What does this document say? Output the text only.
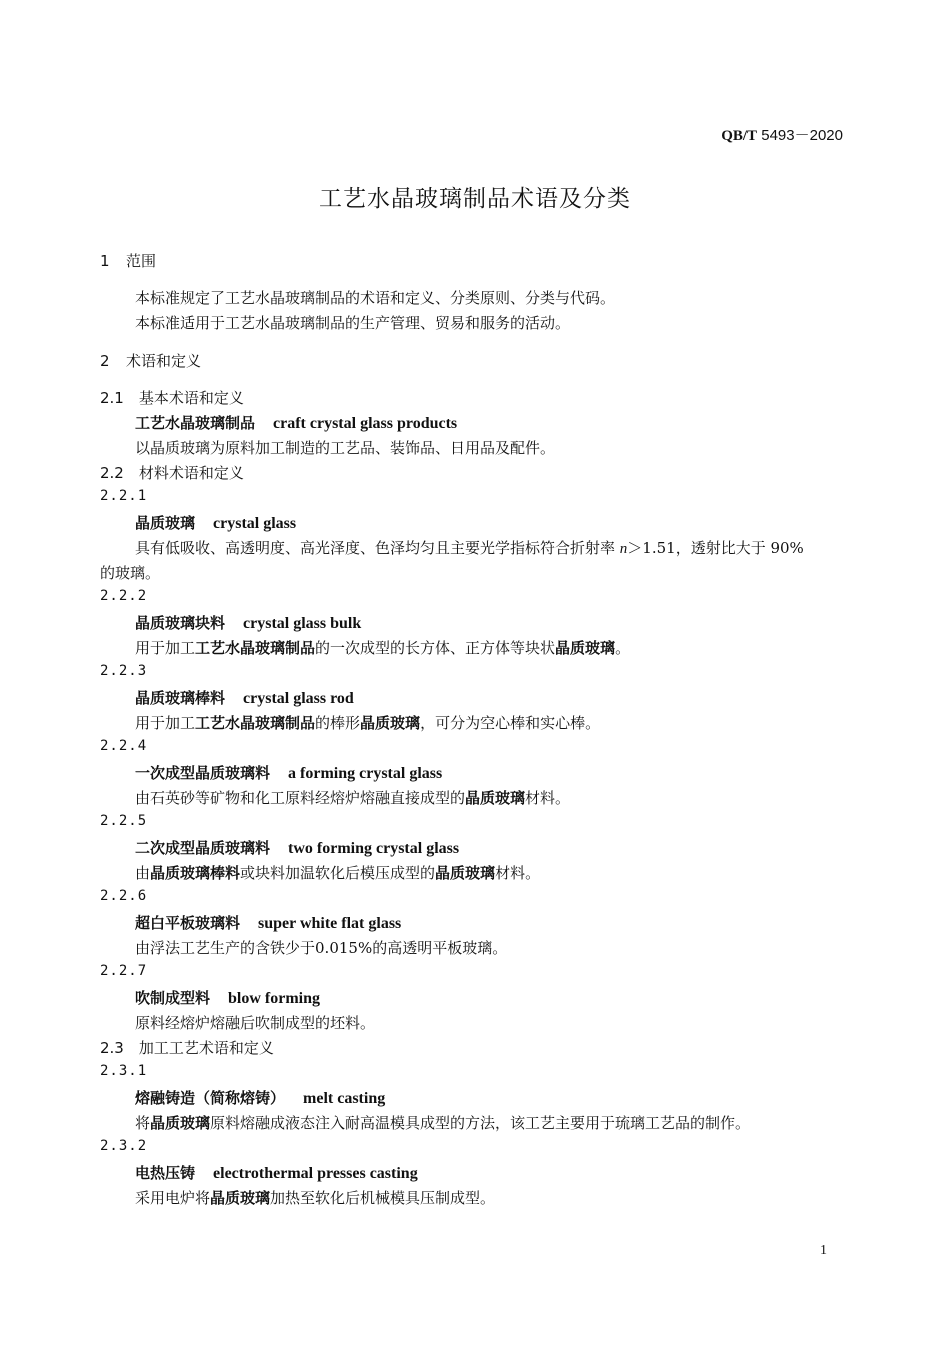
QB/T 5493－2020
工艺水晶玻璃制品术语及分类
1 范围
本标准规定了工艺水晶玻璃制品的术语和定义、分类原则、分类与代码。
本标准适用于工艺水晶玻璃制品的生产管理、贸易和服务的活动。
2 术语和定义
2.1　基本术语和定义
工艺水晶玻璃制品 craft crystal glass products
以晶质玻璃为原料加工制造的工艺品、装饰品、日用品及配件。
2.2　材料术语和定义
2.2.1
晶质玻璃 crystal glass
具有低吸收、高透明度、高光泽度、色泽均匀且主要光学指标符合折射率 n＞1.51，透射比大于 90%
的玻璃。
2.2.2
晶质玻璃块料 crystal glass bulk
用于加工工艺水晶玻璃制品的一次成型的长方体、正方体等块状晶质玻璃。
2.2.3
晶质玻璃棒料 crystal glass rod
用于加工工艺水晶玻璃制品的棒形晶质玻璃，可分为空心棒和实心棒。
2.2.4
一次成型晶质玻璃料 a forming crystal glass
由石英砂等矿物和化工原料经熔炉熔融直接成型的晶质玻璃材料。
2.2.5
二次成型晶质玻璃料 two forming crystal glass
由晶质玻璃棒料或块料加温软化后模压成型的晶质玻璃材料。
2.2.6
超白平板玻璃料 super white flat glass
由浮法工艺生产的含铁少于0.015%的高透明平板玻璃。
2.2.7
吹制成型料 blow forming
原料经熔炉熔融后吹制成型的坯料。
2.3　加工工艺术语和定义
2.3.1
熔融铸造（简称熔铸） melt casting
将晶质玻璃原料熔融成液态注入耐高温模具成型的方法，该工艺主要用于琉璃工艺品的制作。
2.3.2
电热压铸 electrothermal presses casting
采用电炉将晶质玻璃加热至软化后机械模具压制成型。
1
